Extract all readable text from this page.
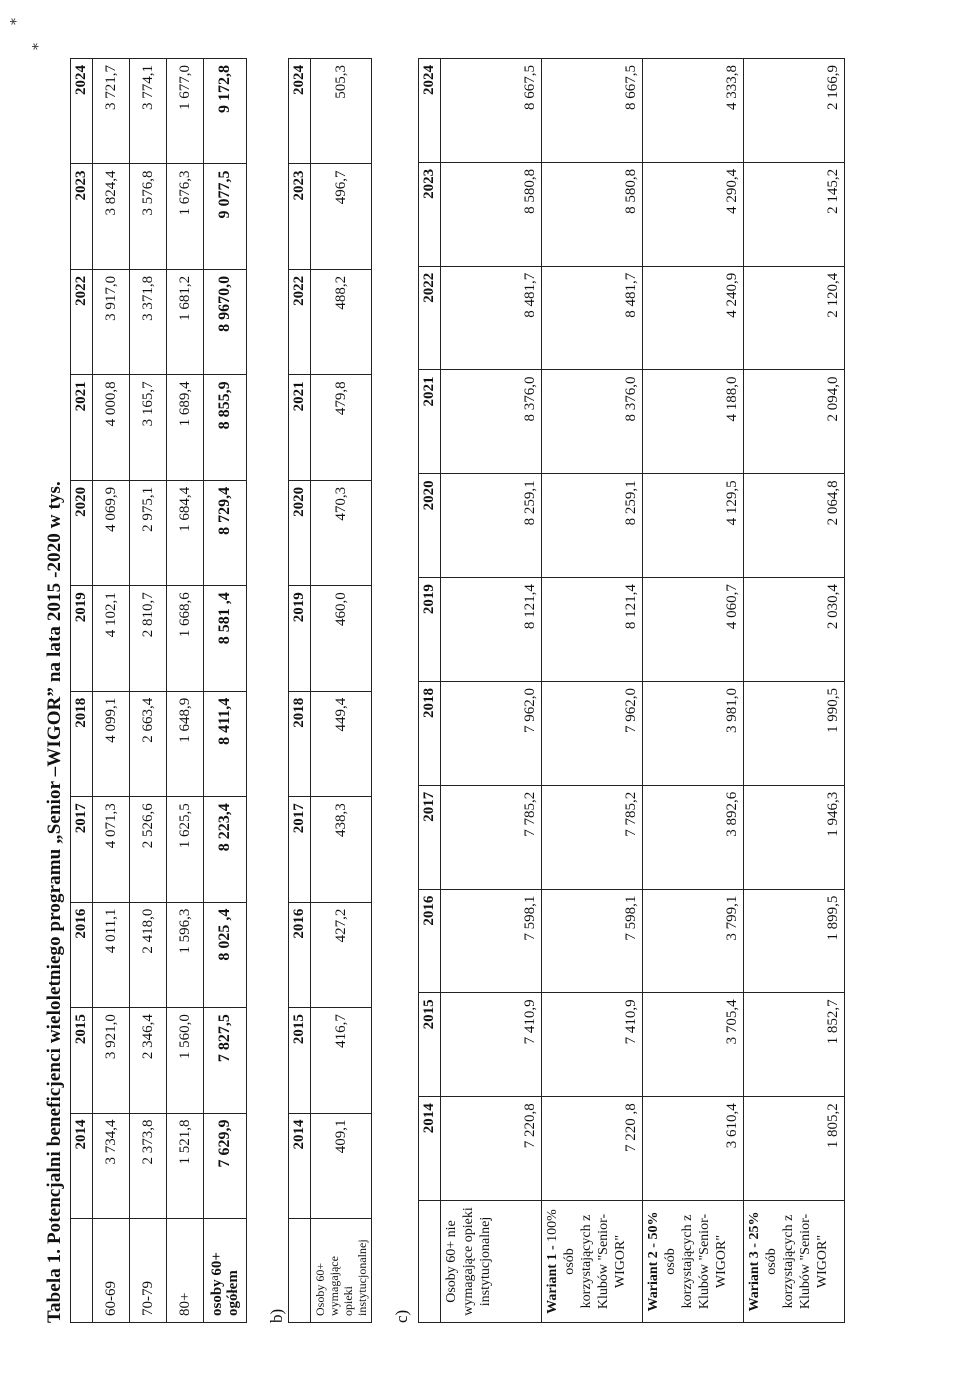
⁎
⁎
Tabela 1. Potencjalni beneficjenci wieloletniego programu „Senior –WIGOR” na lata 2015 -2020 w tys.
	2014	2015	2016	2017	2018	2019	2020	2021	2022	2023	2024
60-69	3 734,4	3 921,0	4 011,1	4 071,3	4 099,1	4 102,1	4 069,9	4 000,8	3 917,0	3 824,4	3 721,7
70-79	2 373,8	2 346,4	2 418,0	2 526,6	2 663,4	2 810,7	2 975,1	3 165,7	3 371,8	3 576,8	3 774,1
80+	1 521,8	1 560,0	1 596,3	1 625,5	1 648,9	1 668,6	1 684,4	1 689,4	1 681,2	1 676,3	1 677,0
osoby 60+
ogółem	7 629,9	7 827,5	8 025 ,4	8 223,4	8 411,4	8 581 ,4	8 729,4	8 855,9	8 9670,0	9 077,5	9 172,8
b)
	2014	2015	2016	2017	2018	2019	2020	2021	2022	2023	2024
Osoby 60+
wymagające opieki
instytucjonalnej	409,1	416,7	427,2	438,3	449,4	460,0	470,3	479,8	488,2	496,7	505,3
c)
	2014	2015	2016	2017	2018	2019	2020	2021	2022	2023	2024
Osoby 60+ nie wymagające opieki instytucjonalnej	7 220,8	7 410,9	7 598,1	7 785,2	7 962,0	8 121,4	8 259,1	8 376,0	8 481,7	8 580,8	8 667,5
Wariant 1 - 100% osób korzystających z Klubów "Senior-WIGOR"	7 220 ,8	7 410,9	7 598,1	7 785,2	7 962,0	8 121,4	8 259,1	8 376,0	8 481,7	8 580,8	8 667,5
Wariant 2 - 50% osób korzystających z Klubów "Senior-WIGOR"	3 610,4	3 705,4	3 799,1	3 892,6	3 981,0	4 060,7	4 129,5	4 188,0	4 240,9	4 290,4	4 333,8
Wariant 3 - 25% osób korzystających z Klubów "Senior-WIGOR"	1 805,2	1 852,7	1 899,5	1 946,3	1 990,5	2 030,4	2 064,8	2 094,0	2 120,4	2 145,2	2 166,9
